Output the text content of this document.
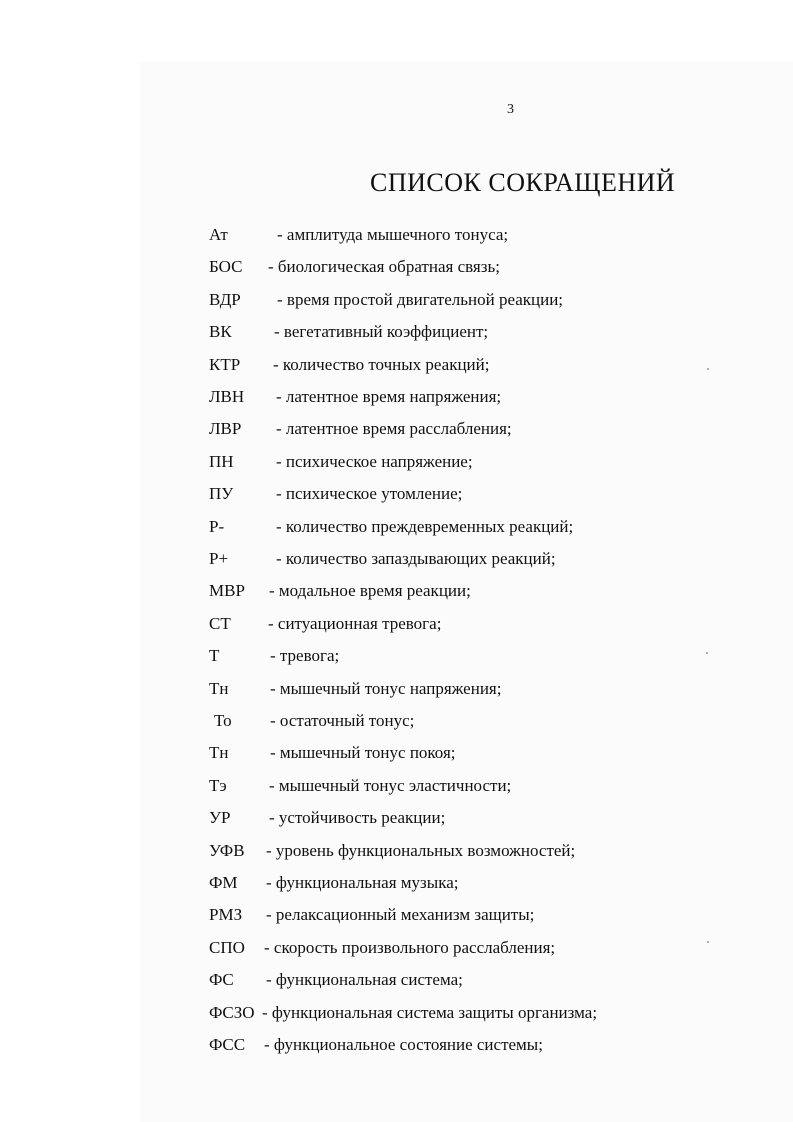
3
СПИСОК СОКРАЩЕНИЙ
Ат	- амплитуда мышечного тонуса;
БОС - биологическая обратная связь;
ВДР - время простой двигательной реакции;
ВК - вегетативный коэффициент;
КТР - количество точных реакций;
ЛВН - латентное время напряжения;
ЛВР - латентное время расслабления;
ПН - психическое напряжение;
ПУ	- психическое утомление;
Р-	- количество преждевременных реакций;
Р+	- количество запаздывающих реакций;
МВР - модальное время реакции;
СТ - ситуационная тревога;
Т	- тревога;
Тн - мышечный тонус напряжения;
То - остаточный тонус;
Тн - мышечный тонус покоя;
Тэ - мышечный тонус эластичности;
УР - устойчивость реакции;
УФВ - уровень функциональных возможностей;
ФМ - функциональная музыка;
РМЗ - релаксационный механизм защиты;
СПО - скорость произвольного расслабления;
ФС - функциональная система;
ФСЗО - функциональная система защиты организма;
ФСС - функциональное состояние системы;
